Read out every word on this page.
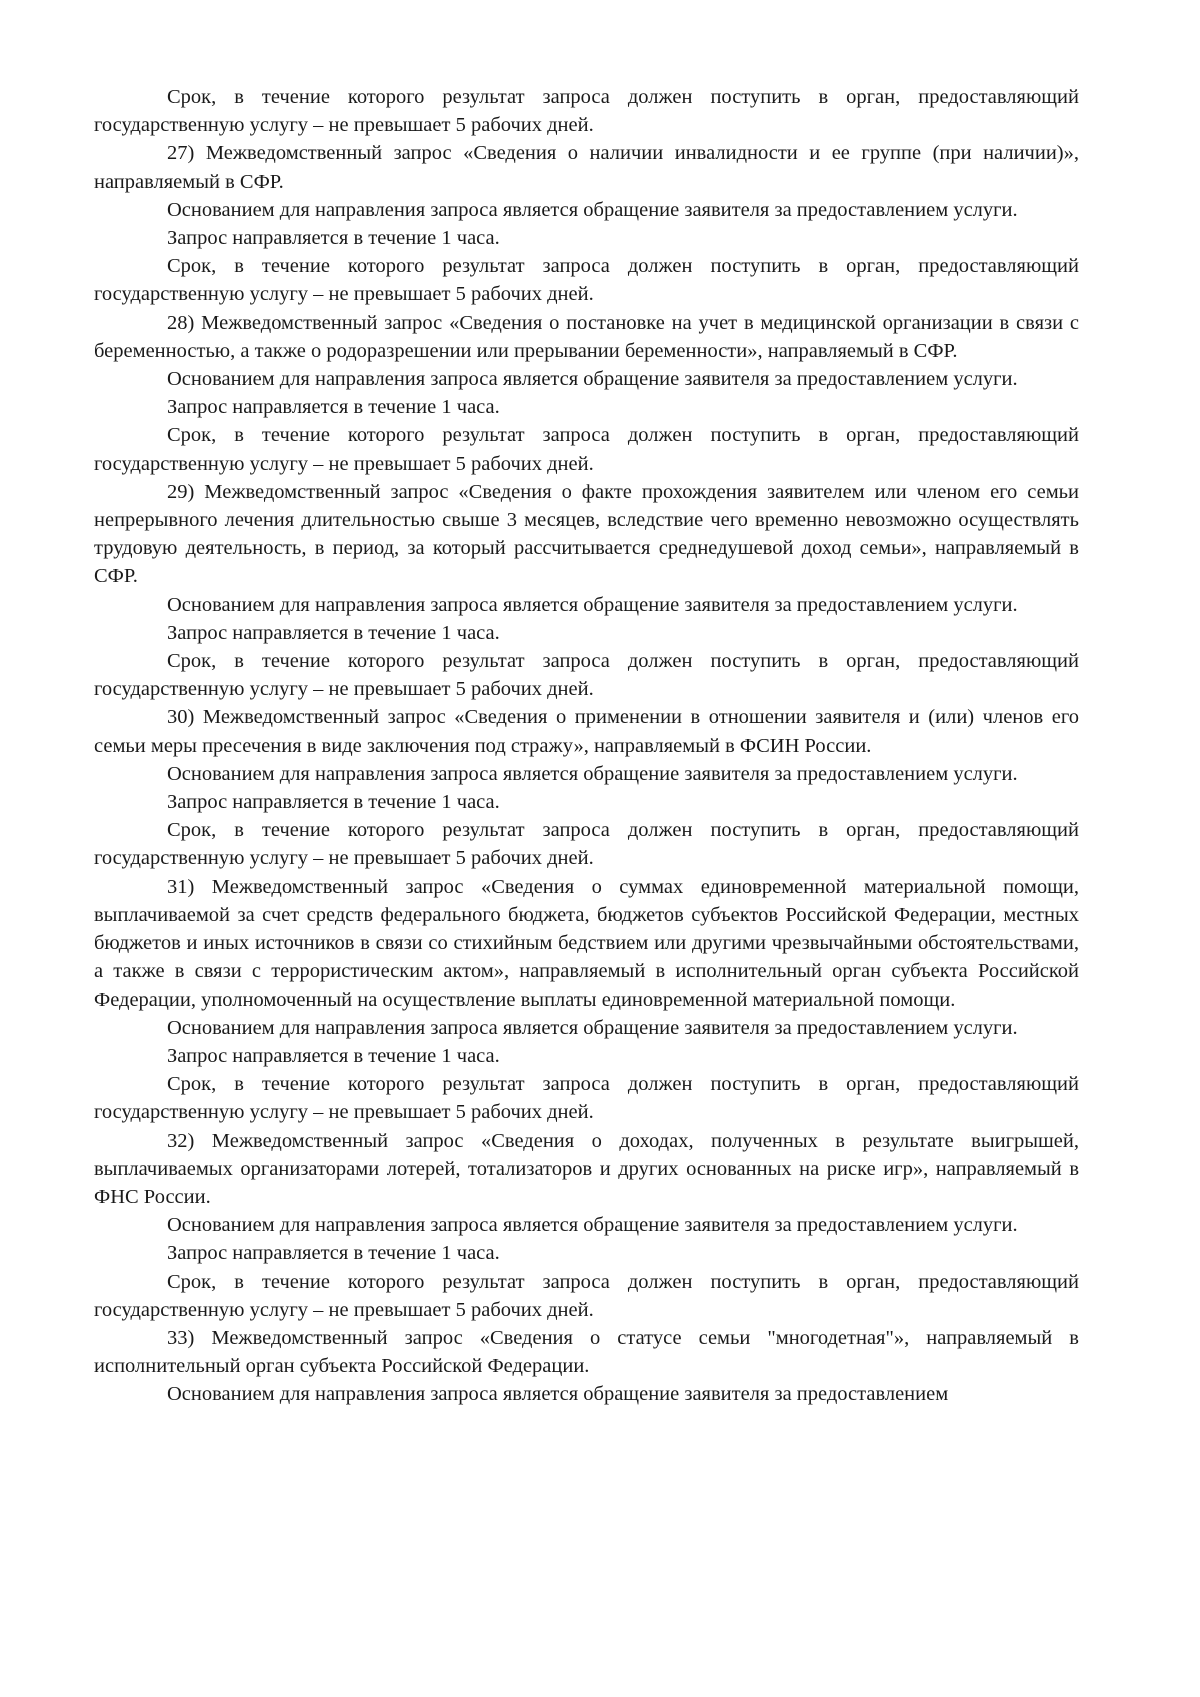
Срок, в течение которого результат запроса должен поступить в орган, предоставляющий государственную услугу – не превышает 5 рабочих дней.

27) Межведомственный запрос «Сведения о наличии инвалидности и ее группе (при наличии)», направляемый в СФР.

Основанием для направления запроса является обращение заявителя за предоставлением услуги.

Запрос направляется в течение 1 часа.

Срок, в течение которого результат запроса должен поступить в орган, предоставляющий государственную услугу – не превышает 5 рабочих дней.

28) Межведомственный запрос «Сведения о постановке на учет в медицинской организации в связи с беременностью, а также о родоразрешении или прерывании беременности», направляемый в СФР.

Основанием для направления запроса является обращение заявителя за предоставлением услуги.

Запрос направляется в течение 1 часа.

Срок, в течение которого результат запроса должен поступить в орган, предоставляющий государственную услугу – не превышает 5 рабочих дней.

29) Межведомственный запрос «Сведения о факте прохождения заявителем или членом его семьи непрерывного лечения длительностью свыше 3 месяцев, вследствие чего временно невозможно осуществлять трудовую деятельность, в период, за который рассчитывается среднедушевой доход семьи», направляемый в СФР.

Основанием для направления запроса является обращение заявителя за предоставлением услуги.

Запрос направляется в течение 1 часа.

Срок, в течение которого результат запроса должен поступить в орган, предоставляющий государственную услугу – не превышает 5 рабочих дней.

30) Межведомственный запрос «Сведения о применении в отношении заявителя и (или) членов его семьи меры пресечения в виде заключения под стражу», направляемый в ФСИН России.

Основанием для направления запроса является обращение заявителя за предоставлением услуги.

Запрос направляется в течение 1 часа.

Срок, в течение которого результат запроса должен поступить в орган, предоставляющий государственную услугу – не превышает 5 рабочих дней.

31) Межведомственный запрос «Сведения о суммах единовременной материальной помощи, выплачиваемой за счет средств федерального бюджета, бюджетов субъектов Российской Федерации, местных бюджетов и иных источников в связи со стихийным бедствием или другими чрезвычайными обстоятельствами, а также в связи с террористическим актом», направляемый в исполнительный орган субъекта Российской Федерации, уполномоченный на осуществление выплаты единовременной материальной помощи.

Основанием для направления запроса является обращение заявителя за предоставлением услуги.

Запрос направляется в течение 1 часа.

Срок, в течение которого результат запроса должен поступить в орган, предоставляющий государственную услугу – не превышает 5 рабочих дней.

32) Межведомственный запрос «Сведения о доходах, полученных в результате выигрышей, выплачиваемых организаторами лотерей, тотализаторов и других основанных на риске игр», направляемый в ФНС России.

Основанием для направления запроса является обращение заявителя за предоставлением услуги.

Запрос направляется в течение 1 часа.

Срок, в течение которого результат запроса должен поступить в орган, предоставляющий государственную услугу – не превышает 5 рабочих дней.

33) Межведомственный запрос «Сведения о статусе семьи "многодетная"», направляемый в исполнительный орган субъекта Российской Федерации.

Основанием для направления запроса является обращение заявителя за предоставлением
